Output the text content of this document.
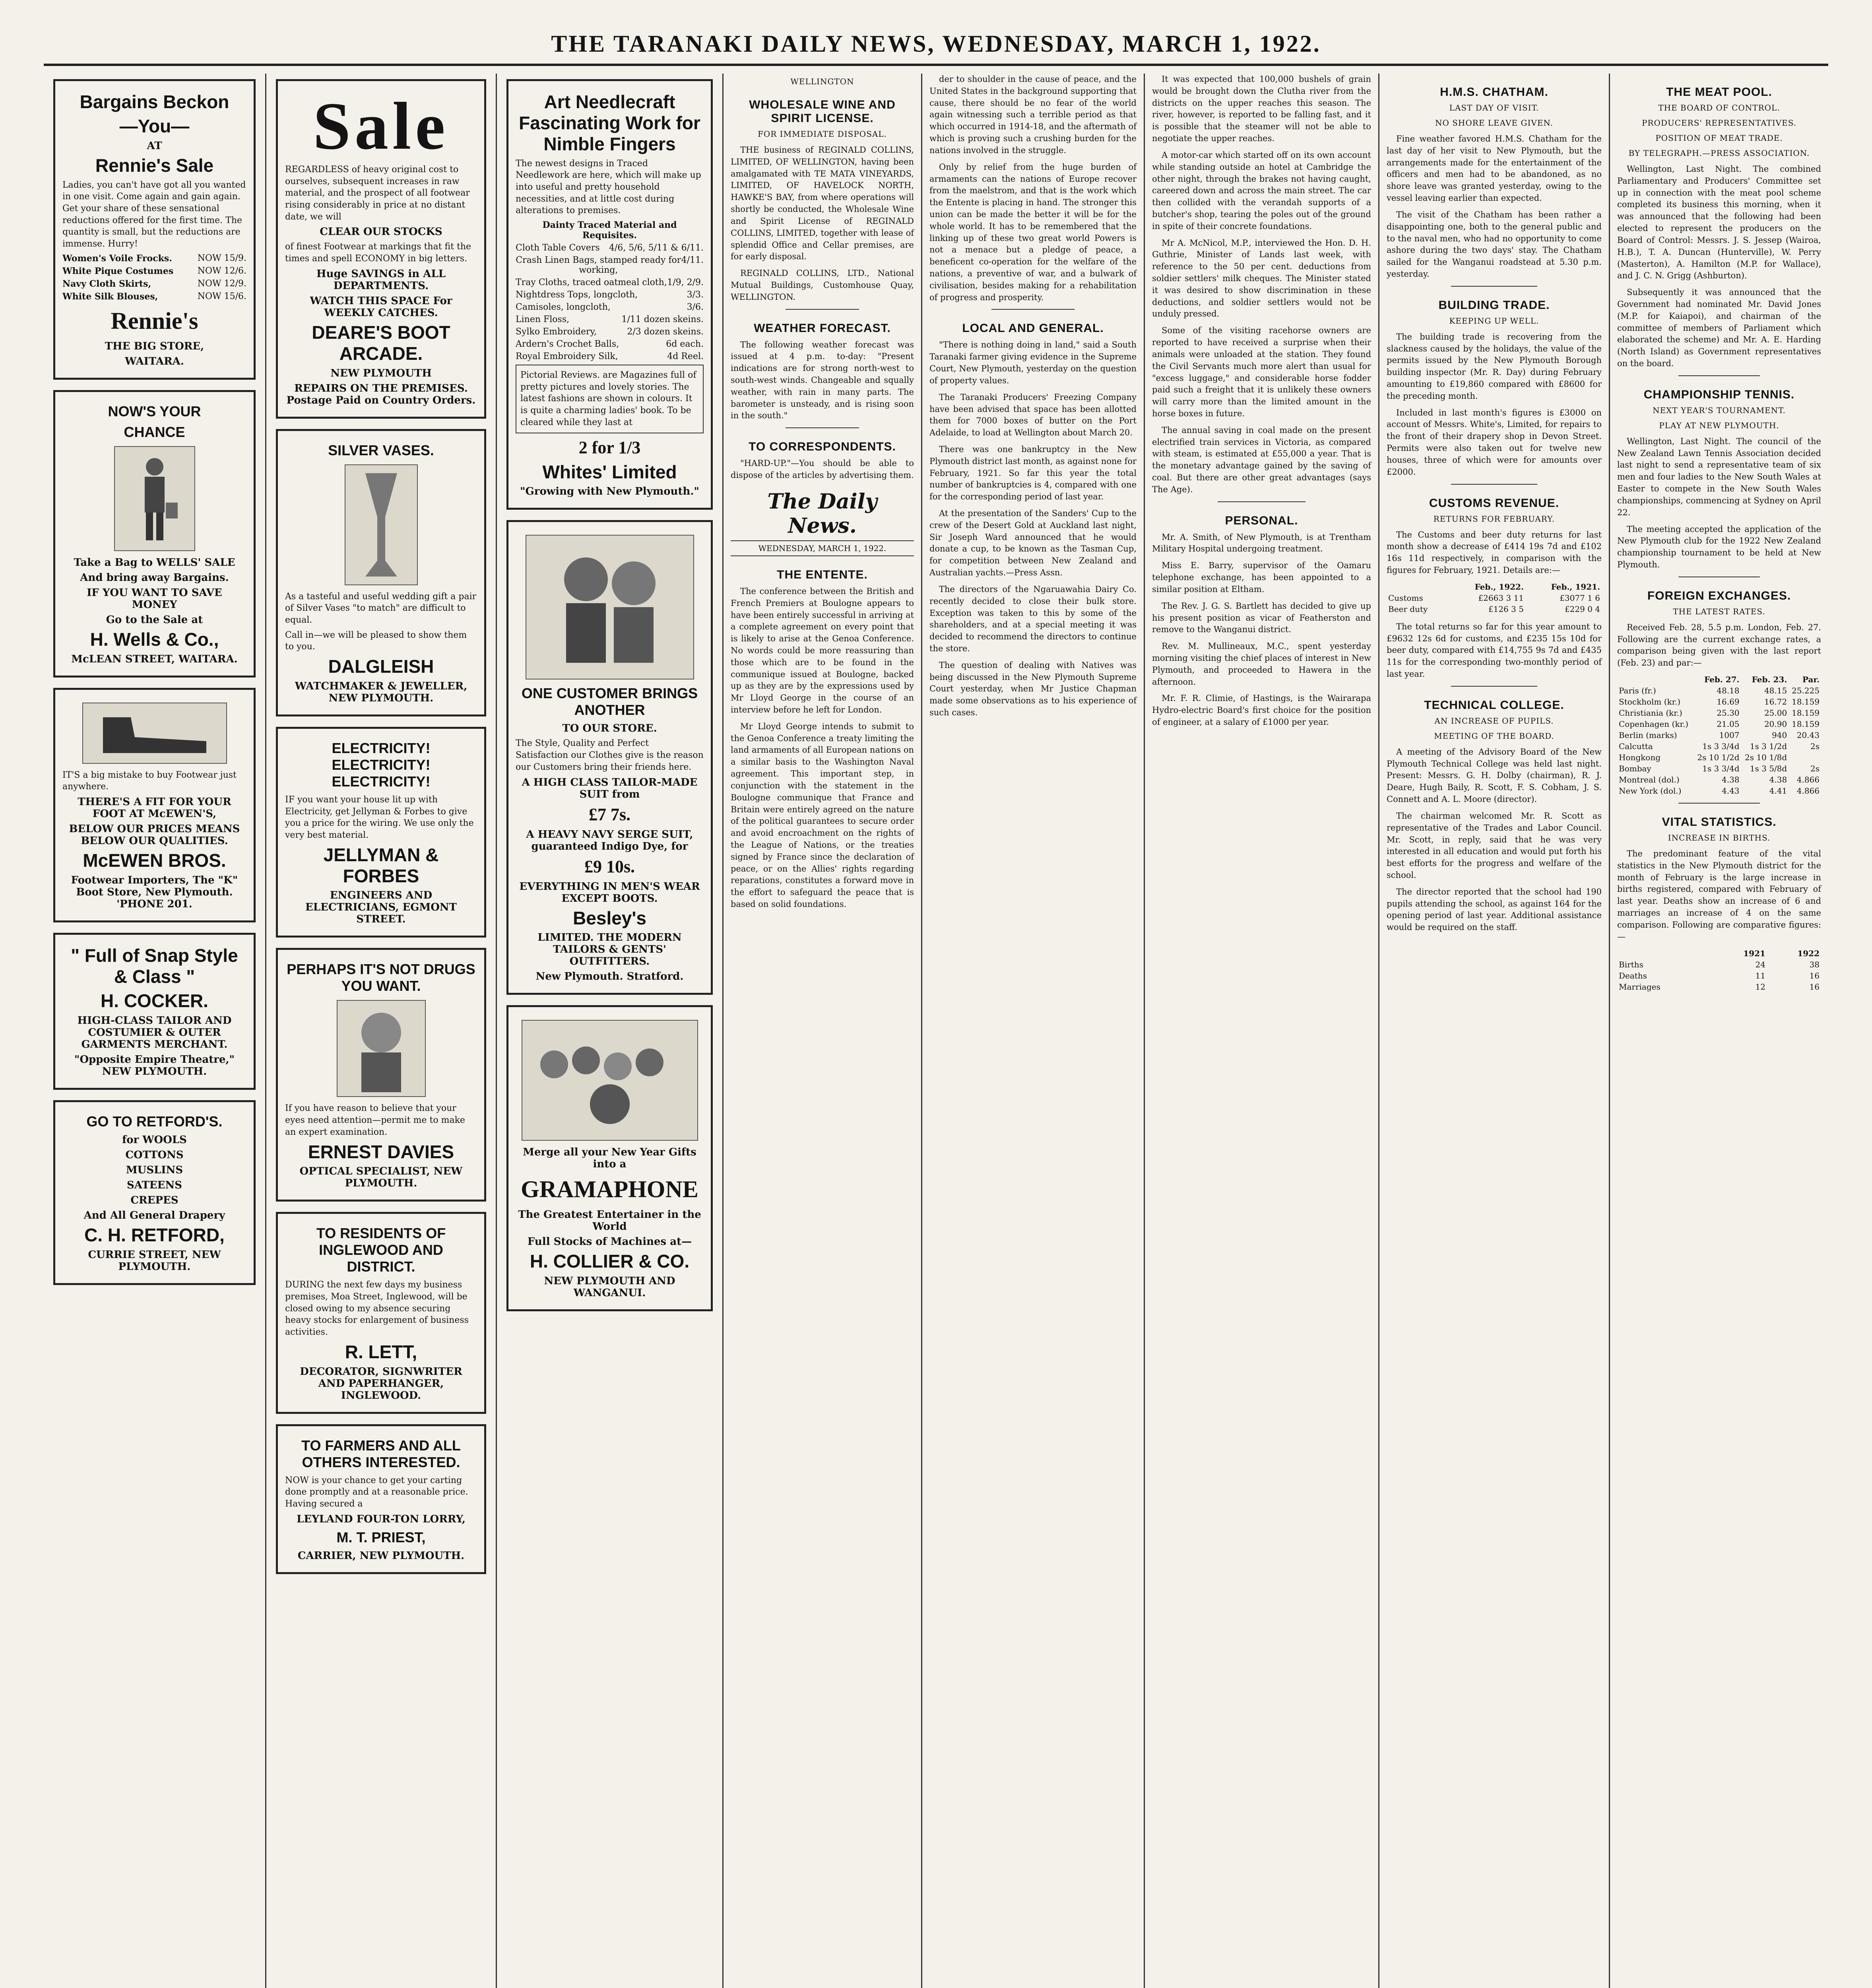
THE TARANAKI DAILY NEWS, WEDNESDAY, MARCH 1, 1922.
Bargains Beckon
—You—
AT
Rennie's Sale

Ladies, you can't have got all you wanted in one visit. Come again and gain again. Get your share of these sensational reductions offered for the first time. The quantity is small, but the reductions are immense. Hurry!

Women's Voile Frocks.	NOW 15/9.
White Pique Costumes	NOW 12/6.
Navy Cloth Skirts,	NOW 12/9.
White Silk Blouses,	NOW 15/6.
Rennie's
THE BIG STORE,
WAITARA.
NOW'S YOUR
CHANCE
Take a Bag to WELLS' SALE
And bring away Bargains.
IF YOU WANT TO SAVE MONEY
Go to the Sale at
H. Wells & Co.,
McLEAN STREET, WAITARA.

IT'S a big mistake to buy Footwear just anywhere.

THERE'S A FIT FOR YOUR FOOT AT McEWEN'S,
BELOW OUR PRICES MEANS BELOW OUR QUALITIES.
McEWEN BROS.
Footwear Importers, The "K" Boot Store, New Plymouth. 'PHONE 201.
" Full of Snap Style & Class "
H. COCKER.
HIGH-CLASS TAILOR AND COSTUMIER & OUTER GARMENTS MERCHANT.
"Opposite Empire Theatre," NEW PLYMOUTH.
GO TO RETFORD'S.
for WOOLS
COTTONS
MUSLINS
SATEENS
CREPES
And All General Drapery
C. H. RETFORD,
CURRIE STREET, NEW PLYMOUTH.
Sale

REGARDLESS of heavy original cost to ourselves, subsequent increases in raw material, and the prospect of all footwear rising considerably in price at no distant date, we will

CLEAR OUR STOCKS

of finest Footwear at markings that fit the times and spell ECONOMY in big letters.

Huge SAVINGS in ALL DEPARTMENTS.
WATCH THIS SPACE For WEEKLY CATCHES.
DEARE'S BOOT ARCADE.
NEW PLYMOUTH
REPAIRS ON THE PREMISES. Postage Paid on Country Orders.
SILVER VASES.

As a tasteful and useful wedding gift a pair of Silver Vases "to match" are difficult to equal.

Call in—we will be pleased to show them to you.

DALGLEISH
WATCHMAKER & JEWELLER, NEW PLYMOUTH.
ELECTRICITY! ELECTRICITY! ELECTRICITY!

IF you want your house lit up with Electricity, get Jellyman & Forbes to give you a price for the wiring. We use only the very best material.

JELLYMAN & FORBES
ENGINEERS AND ELECTRICIANS, EGMONT STREET.
PERHAPS IT'S NOT DRUGS YOU WANT.

If you have reason to believe that your eyes need attention—permit me to make an expert examination.

ERNEST DAVIES
OPTICAL SPECIALIST, NEW PLYMOUTH.
TO RESIDENTS OF INGLEWOOD AND DISTRICT.

DURING the next few days my business premises, Moa Street, Inglewood, will be closed owing to my absence securing heavy stocks for enlargement of business activities.

R. LETT,
DECORATOR, SIGNWRITER AND PAPERHANGER, INGLEWOOD.
TO FARMERS AND ALL OTHERS INTERESTED.

NOW is your chance to get your carting done promptly and at a reasonable price. Having secured a

LEYLAND FOUR-TON LORRY,
M. T. PRIEST,
CARRIER, NEW PLYMOUTH.
Art Needlecraft Fascinating Work for Nimble Fingers

The newest designs in Traced Needlework are here, which will make up into useful and pretty household necessities, and at little cost during alterations to premises.

Dainty Traced Material and Requisites.
Cloth Table Covers 4/6, 5/6, 5/11 & 6/11.
Crash Linen Bags, stamped ready for working,
4/11.
Tray Cloths, traced oatmeal cloth, 1/9, 2/9.
Nightdress Tops, longcloth,	3/3.
Camisoles, longcloth,	3/6.
Linen Floss,	1/11 dozen skeins.
Sylko Embroidery,	2/3 dozen skeins.
Ardern's Crochet Balls,	6d each.
Royal Embroidery Silk,	4d Reel.

Pictorial Reviews. are Magazines full of pretty pictures and lovely stories. The latest fashions are shown in colours. It is quite a charming ladies' book. To be cleared while they last at

2 for 1/3
Whites' Limited
"Growing with New Plymouth."
ONE CUSTOMER BRINGS ANOTHER
TO OUR STORE.

The Style, Quality and Perfect Satisfaction our Clothes give is the reason our Customers bring their friends here.

A HIGH CLASS TAILOR-MADE SUIT from
£7 7s.
A HEAVY NAVY SERGE SUIT, guaranteed Indigo Dye, for
£9 10s.
EVERYTHING IN MEN'S WEAR EXCEPT BOOTS.
Besley's
LIMITED. THE MODERN TAILORS & GENTS' OUTFITTERS.
New Plymouth. Stratford.
Merge all your New Year Gifts into a
GRAMAPHONE
The Greatest Entertainer in the World
Full Stocks of Machines at—
H. COLLIER & CO.
NEW PLYMOUTH AND WANGANUI.
WELLINGTON
WHOLESALE WINE AND SPIRIT LICENSE.
FOR IMMEDIATE DISPOSAL.

THE business of REGINALD COLLINS, LIMITED, OF WELLINGTON, having been amalgamated with TE MATA VINEYARDS, LIMITED, OF HAVELOCK NORTH, HAWKE'S BAY, from where operations will shortly be conducted, the Wholesale Wine and Spirit License of REGINALD COLLINS, LIMITED, together with lease of splendid Office and Cellar premises, are for early disposal.

REGINALD COLLINS, LTD., National Mutual Buildings, Customhouse Quay, WELLINGTON.

WEATHER FORECAST.

The following weather forecast was issued at 4 p.m. to-day: "Present indications are for strong north-west to south-west winds. Changeable and squally weather, with rain in many parts. The barometer is unsteady, and is rising soon in the south."

TO CORRESPONDENTS.

"HARD-UP."—You should be able to dispose of the articles by advertising them.

The Daily News.
WEDNESDAY, MARCH 1, 1922.
THE ENTENTE.

The conference between the British and French Premiers at Boulogne appears to have been entirely successful in arriving at a complete agreement on every point that is likely to arise at the Genoa Conference. No words could be more reassuring than those which are to be found in the communique issued at Boulogne, backed up as they are by the expressions used by Mr Lloyd George in the course of an interview before he left for London.

Mr Lloyd George intends to submit to the Genoa Conference a treaty limiting the land armaments of all European nations on a similar basis to the Washington Naval agreement. This important step, in conjunction with the statement in the Boulogne communique that France and Britain were entirely agreed on the nature of the political guarantees to secure order and avoid encroachment on the rights of the League of Nations, or the treaties signed by France since the declaration of peace, or on the Allies' rights regarding reparations, constitutes a forward move in the effort to safeguard the peace that is based on solid foundations.

der to shoulder in the cause of peace, and the United States in the background supporting that cause, there should be no fear of the world again witnessing such a terrible period as that which occurred in 1914-18, and the aftermath of which is proving such a crushing burden for the nations involved in the struggle.

Only by relief from the huge burden of armaments can the nations of Europe recover from the maelstrom, and that is the work which the Entente is placing in hand. The stronger this union can be made the better it will be for the whole world. It has to be remembered that the linking up of these two great world Powers is not a menace but a pledge of peace, a beneficent co-operation for the welfare of the nations, a preventive of war, and a bulwark of civilisation, besides making for a rehabilitation of progress and prosperity.

LOCAL AND GENERAL.

"There is nothing doing in land," said a South Taranaki farmer giving evidence in the Supreme Court, New Plymouth, yesterday on the question of property values.

The Taranaki Producers' Freezing Company have been advised that space has been allotted them for 7000 boxes of butter on the Port Adelaide, to load at Wellington about March 20.

There was one bankruptcy in the New Plymouth district last month, as against none for February, 1921. So far this year the total number of bankruptcies is 4, compared with one for the corresponding period of last year.

At the presentation of the Sanders' Cup to the crew of the Desert Gold at Auckland last night, Sir Joseph Ward announced that he would donate a cup, to be known as the Tasman Cup, for competition between New Zealand and Australian yachts.—Press Assn.

The directors of the Ngaruawahia Dairy Co. recently decided to close their bulk store. Exception was taken to this by some of the shareholders, and at a special meeting it was decided to recommend the directors to continue the store.

The question of dealing with Natives was being discussed in the New Plymouth Supreme Court yesterday, when Mr Justice Chapman made some observations as to his experience of such cases.

It was expected that 100,000 bushels of grain would be brought down the Clutha river from the districts on the upper reaches this season. The river, however, is reported to be falling fast, and it is possible that the steamer will not be able to negotiate the upper reaches.

A motor-car which started off on its own account while standing outside an hotel at Cambridge the other night, through the brakes not having caught, careered down and across the main street. The car then collided with the verandah supports of a butcher's shop, tearing the poles out of the ground in spite of their concrete foundations.

Mr A. McNicol, M.P., interviewed the Hon. D. H. Guthrie, Minister of Lands last week, with reference to the 50 per cent. deductions from soldier settlers' milk cheques. The Minister stated it was desired to show discrimination in these deductions, and soldier settlers would not be unduly pressed.

Some of the visiting racehorse owners are reported to have received a surprise when their animals were unloaded at the station. They found the Civil Servants much more alert than usual for "excess luggage," and considerable horse fodder paid such a freight that it is unlikely these owners will carry more than the limited amount in the horse boxes in future.

The annual saving in coal made on the present electrified train services in Victoria, as compared with steam, is estimated at £55,000 a year. That is the monetary advantage gained by the saving of coal. But there are other great advantages (says The Age).

PERSONAL.

Mr. A. Smith, of New Plymouth, is at Trentham Military Hospital undergoing treatment.

Miss E. Barry, supervisor of the Oamaru telephone exchange, has been appointed to a similar position at Eltham.

The Rev. J. G. S. Bartlett has decided to give up his present position as vicar of Featherston and remove to the Wanganui district.

Rev. M. Mullineaux, M.C., spent yesterday morning visiting the chief places of interest in New Plymouth, and proceeded to Hawera in the afternoon.

Mr. F. R. Climie, of Hastings, is the Wairarapa Hydro-electric Board's first choice for the position of engineer, at a salary of £1000 per year.

H.M.S. CHATHAM.
LAST DAY OF VISIT.
NO SHORE LEAVE GIVEN.

Fine weather favored H.M.S. Chatham for the last day of her visit to New Plymouth, but the arrangements made for the entertainment of the officers and men had to be abandoned, as no shore leave was granted yesterday, owing to the vessel leaving earlier than expected.

The visit of the Chatham has been rather a disappointing one, both to the general public and to the naval men, who had no opportunity to come ashore during the two days' stay. The Chatham sailed for the Wanganui roadstead at 5.30 p.m. yesterday.

BUILDING TRADE.
KEEPING UP WELL.

The building trade is recovering from the slackness caused by the holidays, the value of the permits issued by the New Plymouth Borough building inspector (Mr. R. Day) during February amounting to £19,860 compared with £8600 for the preceding month.

Included in last month's figures is £3000 on account of Messrs. White's, Limited, for repairs to the front of their drapery shop in Devon Street. Permits were also taken out for twelve new houses, three of which were for amounts over £2000.

CUSTOMS REVENUE.
RETURNS FOR FEBRUARY.

The Customs and beer duty returns for last month show a decrease of £414 19s 7d and £102 16s 11d respectively, in comparison with the figures for February, 1921. Details are:—

	Feb., 1922.	Feb., 1921.
Customs	£2663 3 11	£3077 1 6
Beer duty	£126 3 5	£229 0 4

The total returns so far for this year amount to £9632 12s 6d for customs, and £235 15s 10d for beer duty, compared with £14,755 9s 7d and £435 11s for the corresponding two-monthly period of last year.

TECHNICAL COLLEGE.
AN INCREASE OF PUPILS.
MEETING OF THE BOARD.

A meeting of the Advisory Board of the New Plymouth Technical College was held last night. Present: Messrs. G. H. Dolby (chairman), R. J. Deare, Hugh Baily, R. Scott, F. S. Cobham, J. S. Connett and A. L. Moore (director).

The chairman welcomed Mr. R. Scott as representative of the Trades and Labor Council. Mr. Scott, in reply, said that he was very interested in all education and would put forth his best efforts for the progress and welfare of the school.

The director reported that the school had 190 pupils attending the school, as against 164 for the opening period of last year. Additional assistance would be required on the staff.

THE MEAT POOL.
THE BOARD OF CONTROL.
PRODUCERS' REPRESENTATIVES.
POSITION OF MEAT TRADE.
BY TELEGRAPH.—PRESS ASSOCIATION.

Wellington, Last Night. The combined Parliamentary and Producers' Committee set up in connection with the meat pool scheme completed its business this morning, when it was announced that the following had been elected to represent the producers on the Board of Control: Messrs. J. S. Jessep (Wairoa, H.B.), T. A. Duncan (Hunterville), W. Perry (Masterton), A. Hamilton (M.P. for Wallace), and J. C. N. Grigg (Ashburton).

Subsequently it was announced that the Government had nominated Mr. David Jones (M.P. for Kaiapoi), and chairman of the committee of members of Parliament which elaborated the scheme) and Mr. A. E. Harding (North Island) as Government representatives on the board.

CHAMPIONSHIP TENNIS.
NEXT YEAR'S TOURNAMENT.
PLAY AT NEW PLYMOUTH.

Wellington, Last Night. The council of the New Zealand Lawn Tennis Association decided last night to send a representative team of six men and four ladies to the New South Wales at Easter to compete in the New South Wales championships, commencing at Sydney on April 22.

The meeting accepted the application of the New Plymouth club for the 1922 New Zealand championship tournament to be held at New Plymouth.

FOREIGN EXCHANGES.
THE LATEST RATES.

Received Feb. 28, 5.5 p.m. London, Feb. 27. Following are the current exchange rates, a comparison being given with the last report (Feb. 23) and par:—

	Feb. 27.	Feb. 23.	Par.
Paris (fr.)	48.18	48.15	25.225
Stockholm (kr.)	16.69	16.72	18.159
Christiania (kr.)	25.30	25.00	18.159
Copenhagen (kr.)	21.05	20.90	18.159
Berlin (marks)	1007	940	20.43
Calcutta	1s 3 3/4d	1s 3 1/2d	2s
Hongkong	2s 10 1/2d	2s 10 1/8d	
Bombay	1s 3 3/4d	1s 3 5/8d	2s
Montreal (dol.)	4.38	4.38	4.866
New York (dol.)	4.43	4.41	4.866
VITAL STATISTICS.
INCREASE IN BIRTHS.

The predominant feature of the vital statistics in the New Plymouth district for the month of February is the large increase in births registered, compared with February of last year. Deaths show an increase of 6 and marriages an increase of 4 on the same comparison. Following are comparative figures:—

	1921	1922
Births	24	38
Deaths	11	16
Marriages	12	16
